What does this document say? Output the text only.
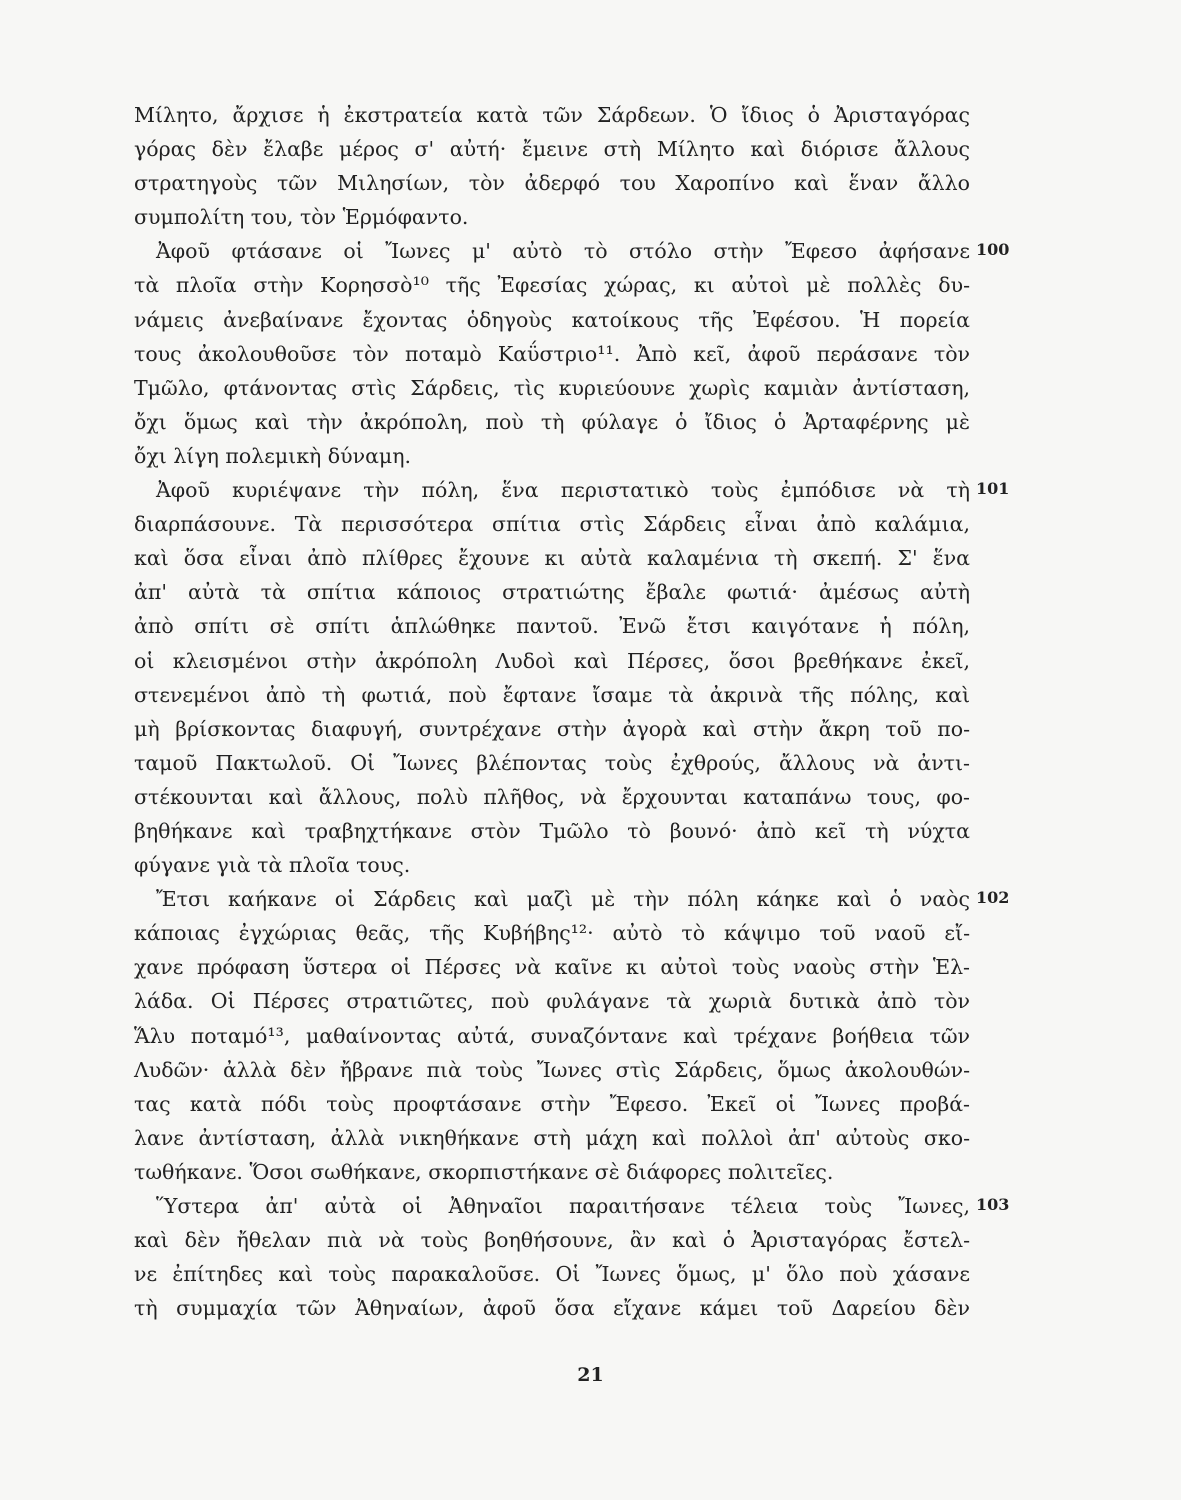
Μίλητο, ἄρχισε ἡ ἐκστρατεία κατὰ τῶν Σάρδεων. Ὁ ἴδιος ὁ Ἀρισταγόρας
γόρας δὲν ἔλαβε μέρος σ' αὐτή· ἔμεινε στὴ Μίλητο καὶ διόρισε ἄλλους
στρατηγοὺς τῶν Μιλησίων, τὸν ἀδερφό του Χαροπίνο καὶ ἕναν ἄλλο
συμπολίτη του, τὸν Ἑρμόφαντο.
Ἀφοῦ φτάσανε οἱ Ἴωνες μ' αὐτὸ τὸ στόλο στὴν Ἔφεσο ἀφήσανε
τὰ πλοῖα στὴν Κορησσὸ¹⁰ τῆς Ἐφεσίας χώρας, κι αὐτοὶ μὲ πολλὲς δυ-
νάμεις ἀνεβαίνανε ἔχοντας ὁδηγοὺς κατοίκους τῆς Ἐφέσου. Ἡ πορεία
τους ἀκολουθοῦσε τὸν ποταμὸ Καΰστριο¹¹. Ἀπὸ κεῖ, ἀφοῦ περάσανε τὸν
Τμῶλο, φτάνοντας στὶς Σάρδεις, τὶς κυριεύουνε χωρὶς καμιὰν ἀντίσταση,
ὄχι ὅμως καὶ τὴν ἀκρόπολη, ποὺ τὴ φύλαγε ὁ ἴδιος ὁ Ἀρταφέρνης μὲ
ὄχι λίγη πολεμικὴ δύναμη.
Ἀφοῦ κυριέψανε τὴν πόλη, ἕνα περιστατικὸ τοὺς ἐμπόδισε νὰ τὴ
διαρπάσουνε. Τὰ περισσότερα σπίτια στὶς Σάρδεις εἶναι ἀπὸ καλάμια,
καὶ ὅσα εἶναι ἀπὸ πλίθρες ἔχουνε κι αὐτὰ καλαμένια τὴ σκεπή. Σ' ἕνα
ἀπ' αὐτὰ τὰ σπίτια κάποιος στρατιώτης ἔβαλε φωτιά· ἀμέσως αὐτὴ
ἀπὸ σπίτι σὲ σπίτι ἁπλώθηκε παντοῦ. Ἐνῶ ἔτσι καιγότανε ἡ πόλη,
οἱ κλεισμένοι στὴν ἀκρόπολη Λυδοὶ καὶ Πέρσες, ὅσοι βρεθήκανε ἐκεῖ,
στενεμένοι ἀπὸ τὴ φωτιά, ποὺ ἔφτανε ἴσαμε τὰ ἀκρινὰ τῆς πόλης, καὶ
μὴ βρίσκοντας διαφυγή, συντρέχανε στὴν ἀγορὰ καὶ στὴν ἄκρη τοῦ πο-
ταμοῦ Πακτωλοῦ. Οἱ Ἴωνες βλέποντας τοὺς ἐχθρούς, ἄλλους νὰ ἀντι-
στέκουνται καὶ ἄλλους, πολὺ πλῆθος, νὰ ἔρχουνται καταπάνω τους, φο-
βηθήκανε καὶ τραβηχτήκανε στὸν Τμῶλο τὸ βουνό· ἀπὸ κεῖ τὴ νύχτα
φύγανε γιὰ τὰ πλοῖα τους.
Ἔτσι καήκανε οἱ Σάρδεις καὶ μαζὶ μὲ τὴν πόλη κάηκε καὶ ὁ ναὸς
κάποιας ἐγχώριας θεᾶς, τῆς Κυβήβης¹²· αὐτὸ τὸ κάψιμο τοῦ ναοῦ εἴ-
χανε πρόφαση ὕστερα οἱ Πέρσες νὰ καῖνε κι αὐτοὶ τοὺς ναοὺς στὴν Ἑλ-
λάδα. Οἱ Πέρσες στρατιῶτες, ποὺ φυλάγανε τὰ χωριὰ δυτικὰ ἀπὸ τὸν
Ἅλυ ποταμό¹³, μαθαίνοντας αὐτά, συναζόντανε καὶ τρέχανε βοήθεια τῶν
Λυδῶν· ἀλλὰ δὲν ἤβρανε πιὰ τοὺς Ἴωνες στὶς Σάρδεις, ὅμως ἀκολουθών-
τας κατὰ πόδι τοὺς προφτάσανε στὴν Ἔφεσο. Ἐκεῖ οἱ Ἴωνες προβά-
λανε ἀντίσταση, ἀλλὰ νικηθήκανε στὴ μάχη καὶ πολλοὶ ἀπ' αὐτοὺς σκο-
τωθήκανε. Ὅσοι σωθήκανε, σκορπιστήκανε σὲ διάφορες πολιτεῖες.
Ὕστερα ἀπ' αὐτὰ οἱ Ἀθηναῖοι παραιτήσανε τέλεια τοὺς Ἴωνες,
καὶ δὲν ἤθελαν πιὰ νὰ τοὺς βοηθήσουνε, ἂν καὶ ὁ Ἀρισταγόρας ἔστελ-
νε ἐπίτηδες καὶ τοὺς παρακαλοῦσε. Οἱ Ἴωνες ὅμως, μ' ὅλο ποὺ χάσανε
τὴ συμμαχία τῶν Ἀθηναίων, ἀφοῦ ὅσα εἴχανε κάμει τοῦ Δαρείου δὲν
100
101
102
103
21
